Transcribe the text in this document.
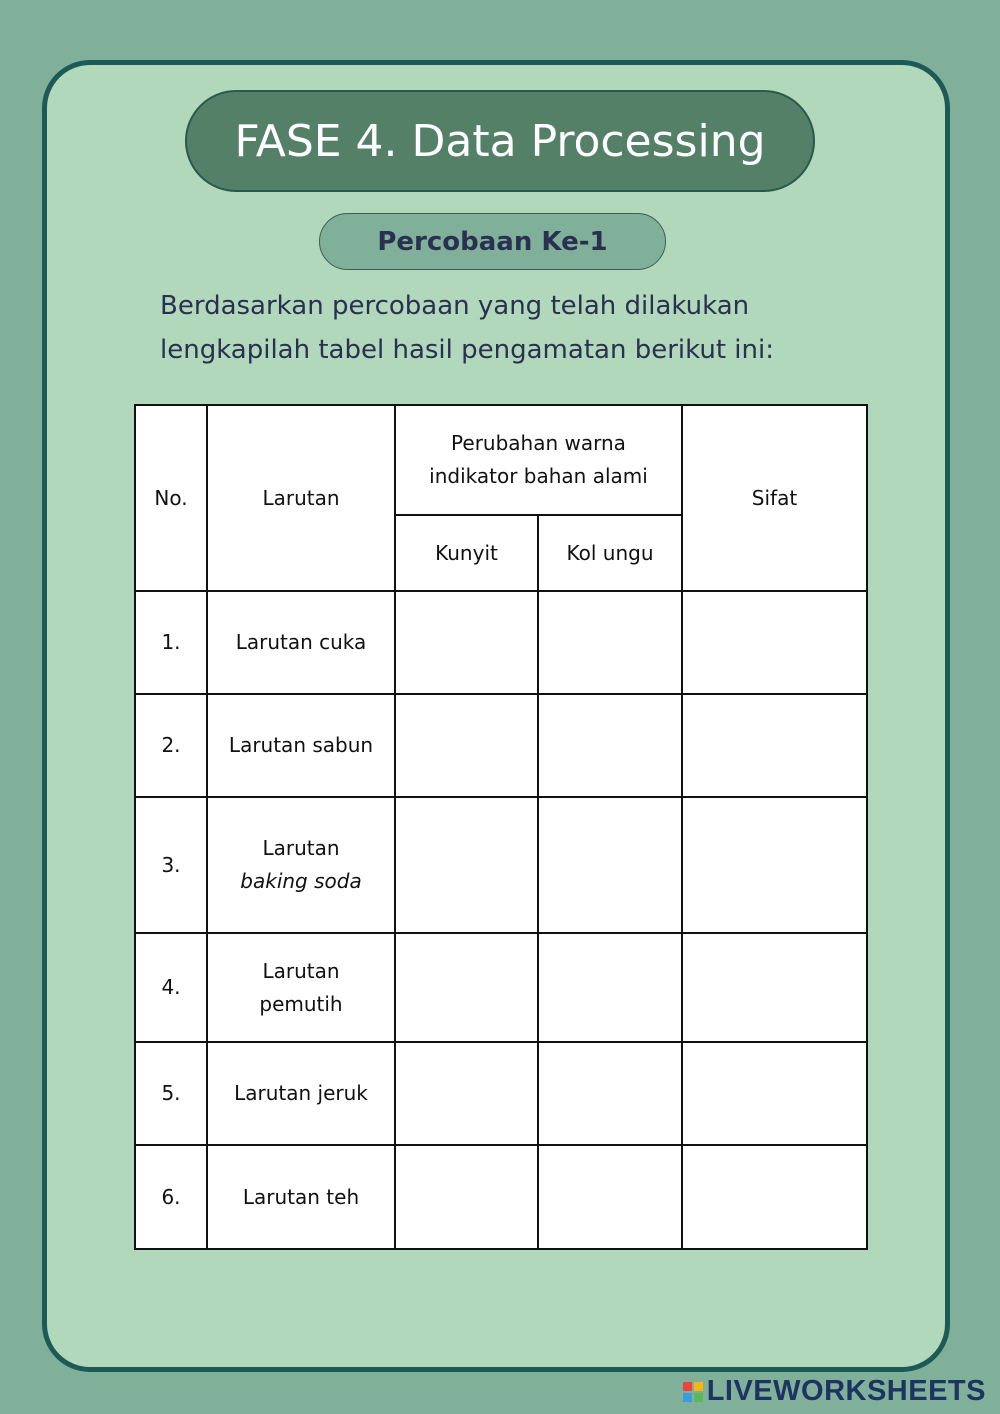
FASE 4. Data Processing
Percobaan Ke-1
Berdasarkan percobaan yang telah dilakukan
lengkapilah tabel hasil pengamatan berikut ini:
No.	Larutan	Perubahan warna indikator bahan alami		Sifat
		Kunyit	Kol ungu	
1.	Larutan cuka			
2.	Larutan sabun			
3.	Larutan
baking soda			

4.	Larutan
pemutih			

5.	Larutan jeruk			
6.	Larutan teh			
LIVEWORKSHEETS
